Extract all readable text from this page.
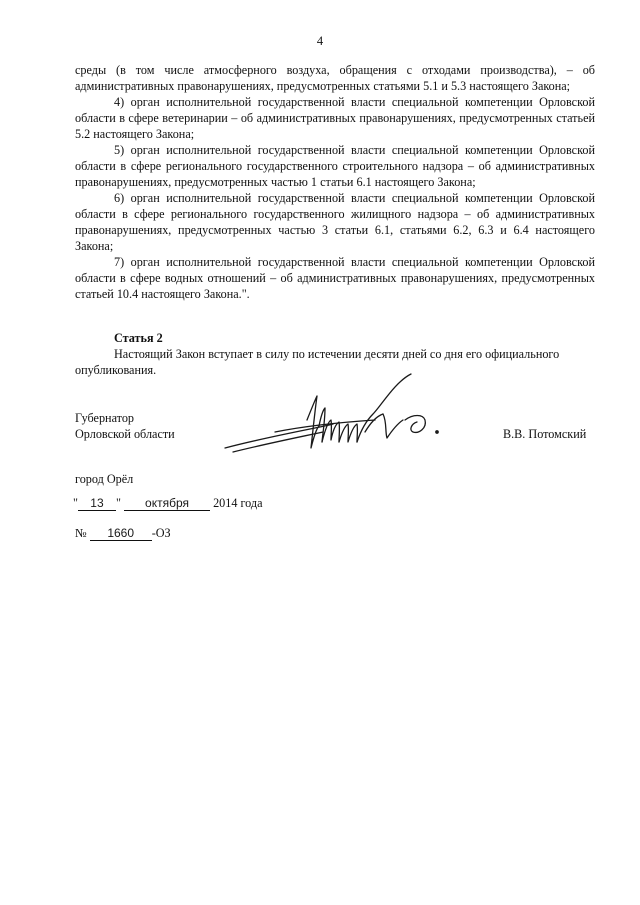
4

среды (в том числе атмосферного воздуха, обращения с отходами производства), – об административных правонарушениях, предусмотренных статьями 5.1 и 5.3 настоящего Закона;

4) орган исполнительной государственной власти специальной компетенции Орловской области в сфере ветеринарии – об административных правонарушениях, предусмотренных статьей 5.2 настоящего Закона;

5) орган исполнительной государственной власти специальной компетенции Орловской области в сфере регионального государственного строительного надзора – об административных правонарушениях, предусмотренных частью 1 статьи 6.1 настоящего Закона;

6) орган исполнительной государственной власти специальной компетенции Орловской области в сфере регионального государственного жилищного надзора – об административных правонарушениях, предусмотренных частью 3 статьи 6.1, статьями 6.2, 6.3 и 6.4 настоящего Закона;

7) орган исполнительной государственной власти специальной компетенции Орловской области в сфере водных отношений – об административных правонарушениях, предусмотренных статьей 10.4 настоящего Закона.".

Статья 2

Настоящий Закон вступает в силу по истечении десяти дней со дня его официального опубликования.

Губернатор
Орловской области	В.В. Потомский
город Орёл
" 13 " октября 2014 года
№ 1660 -ОЗ
